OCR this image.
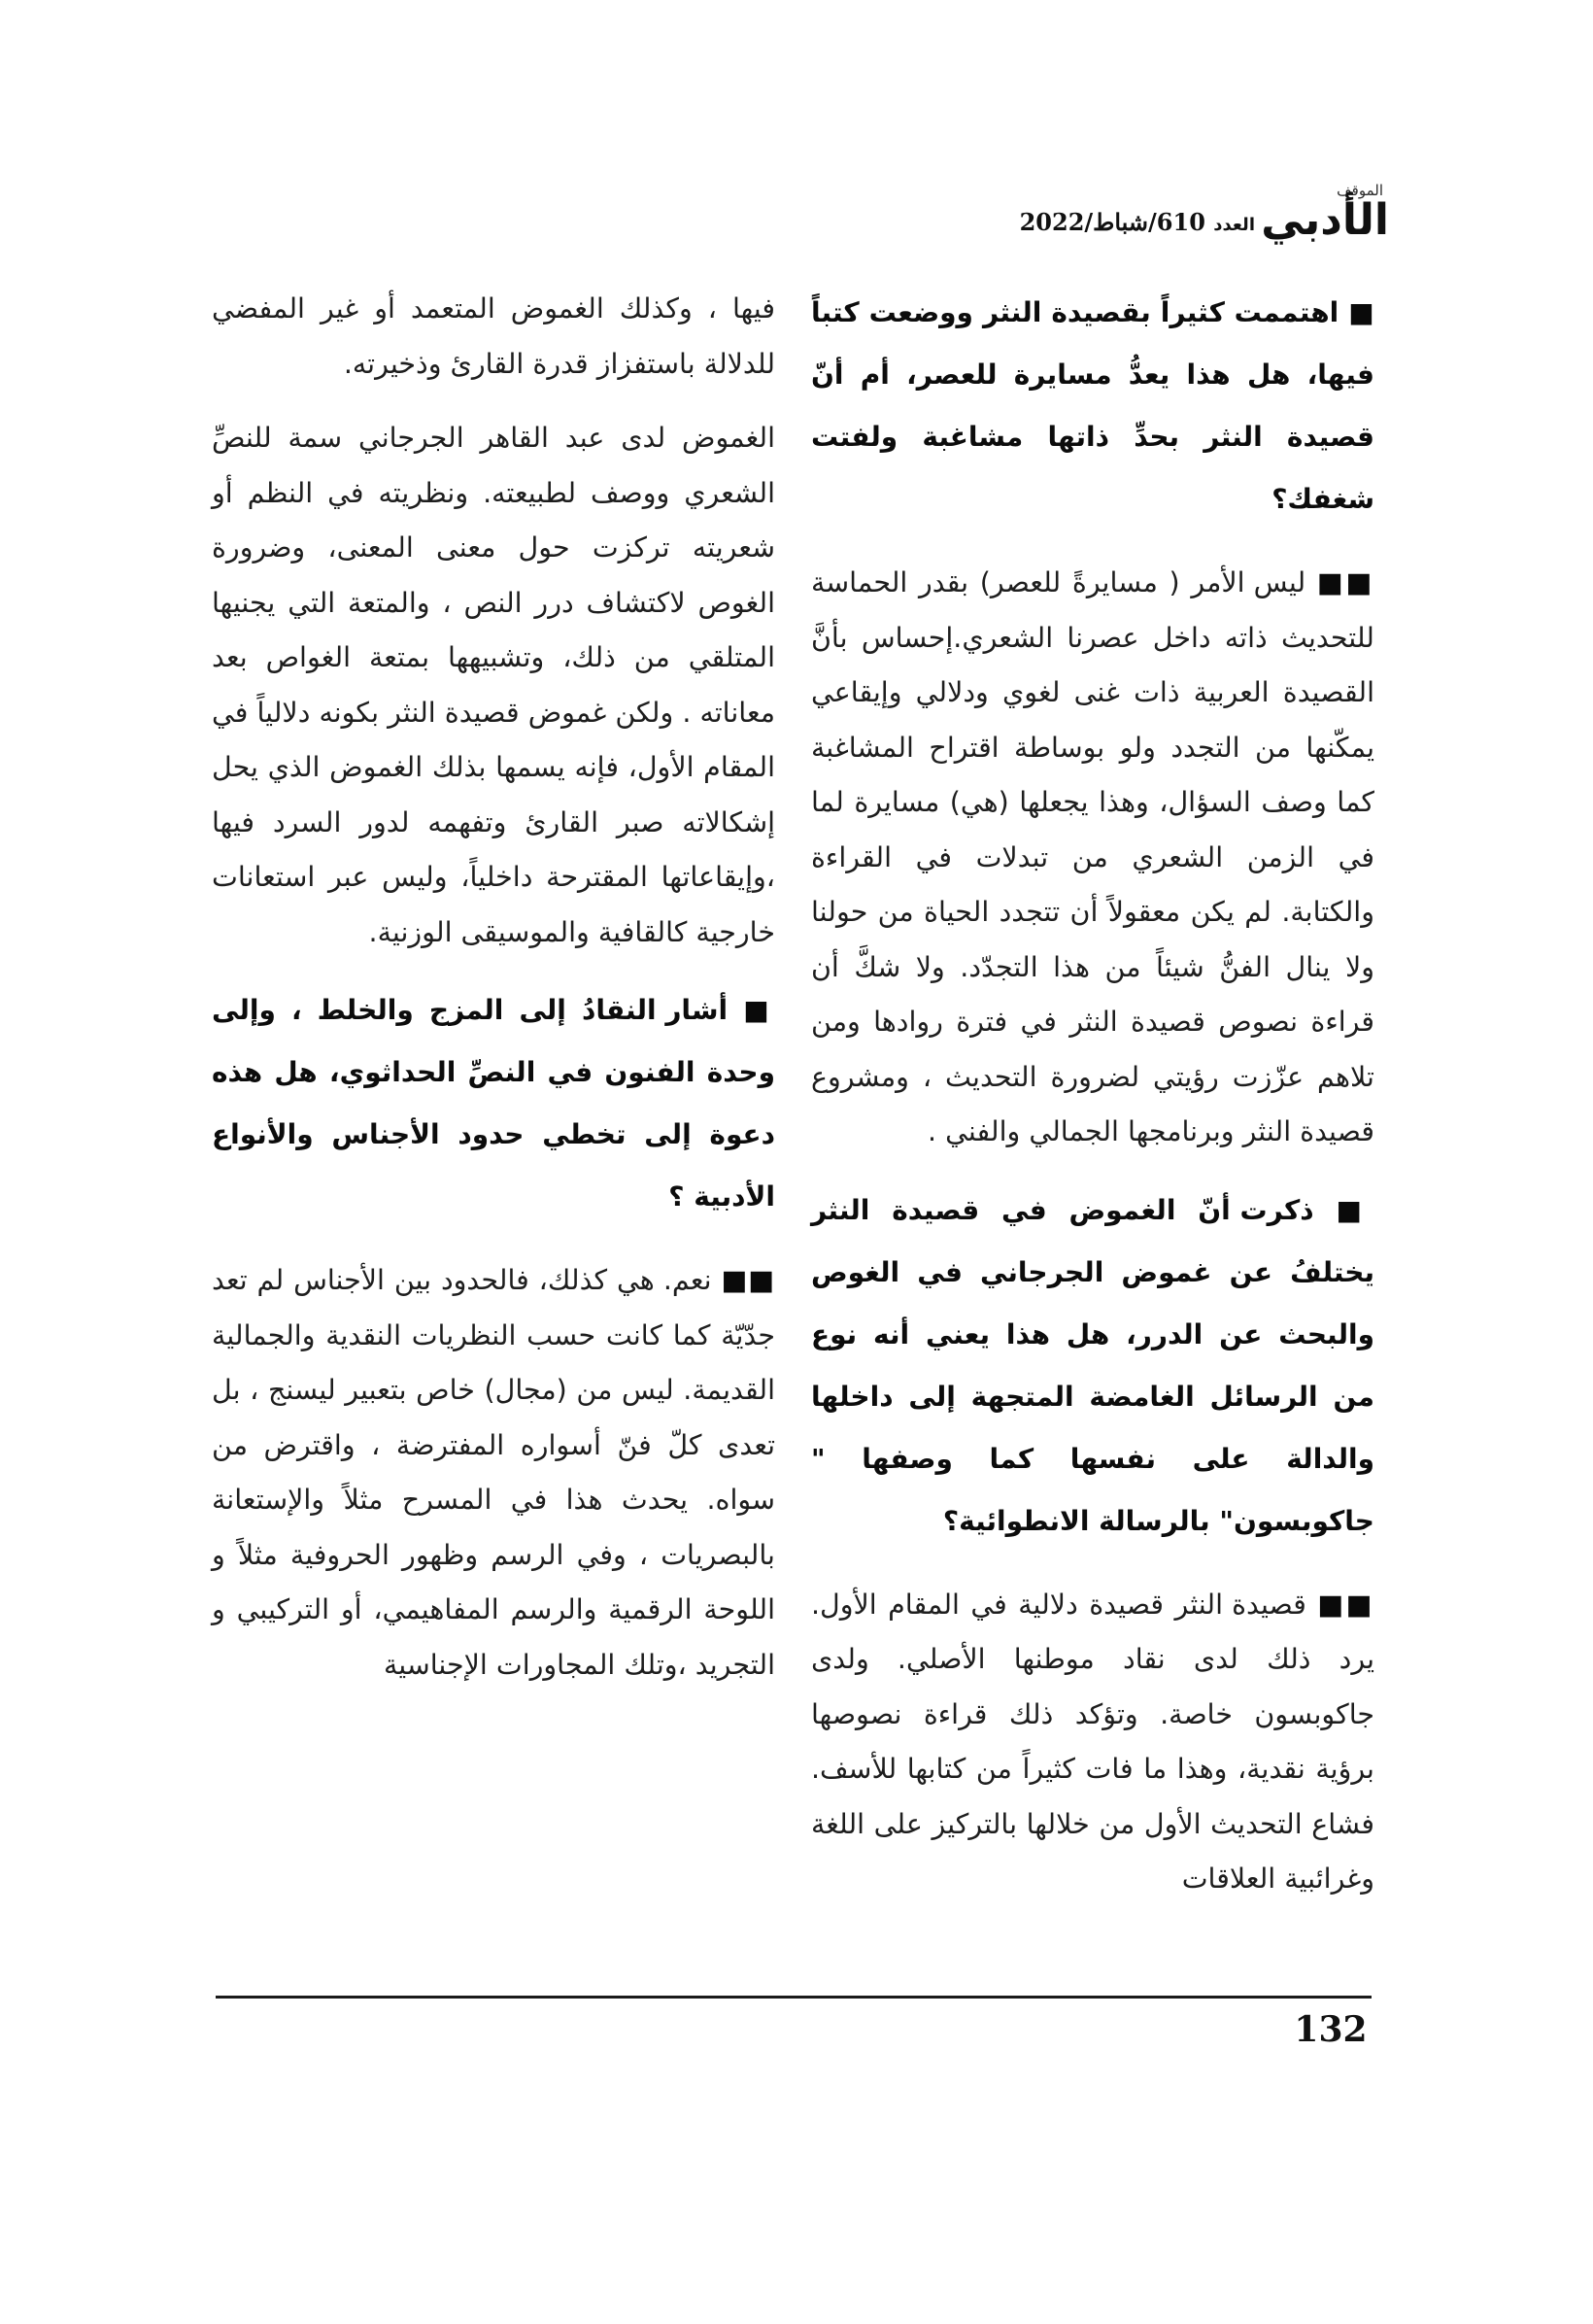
الموقف
الأدبي
العدد 610/شباط/2022

■ اهتممت كثيراً بقصيدة النثر ووضعت كتباً فيها، هل هذا يعدُّ مسايرة للعصر، أم أنّ قصيدة النثر بحدِّ ذاتها مشاغبة ولفتت شغفك؟

■■ ليس الأمر ( مسايرةً للعصر) بقدر الحماسة للتحديث ذاته داخل عصرنا الشعري.إحساس بأنَّ القصيدة العربية ذات غنى لغوي ودلالي وإيقاعي يمكّنها من التجدد ولو بوساطة اقتراح المشاغبة كما وصف السؤال، وهذا يجعلها (هي) مسايرة لما في الزمن الشعري من تبدلات في القراءة والكتابة. لم يكن معقولاً أن تتجدد الحياة من حولنا ولا ينال الفنُّ شيئاً من هذا التجدّد. ولا شكَّ أن قراءة نصوص قصيدة النثر في فترة روادها ومن تلاهم عزّزت رؤيتي لضرورة التحديث ، ومشروع قصيدة النثر وبرنامجها الجمالي والفني .

■ ذكرت أنّ الغموض في قصيدة النثر يختلفُ عن غموض الجرجاني في الغوص والبحث عن الدرر، هل هذا يعني أنه نوع من الرسائل الغامضة المتجهة إلى داخلها والدالة على نفسها كما وصفها " جاكوبسون" بالرسالة الانطوائية؟

■■ قصيدة النثر قصيدة دلالية في المقام الأول. يرد ذلك لدى نقاد موطنها الأصلي. ولدى جاكوبسون خاصة. وتؤكد ذلك قراءة نصوصها برؤية نقدية، وهذا ما فات كثيراً من كتابها للأسف. فشاع التحديث الأول من خلالها بالتركيز على اللغة وغرائبية العلاقات

فيها ، وكذلك الغموض المتعمد أو غير المفضي للدلالة باستفزاز قدرة القارئ وذخيرته.

الغموض لدى عبد القاهر الجرجاني سمة للنصِّ الشعري ووصف لطبيعته. ونظريته في النظم أو شعريته تركزت حول معنى المعنى، وضرورة الغوص لاكتشاف درر النص ، والمتعة التي يجنيها المتلقي من ذلك، وتشبيهها بمتعة الغواص بعد معاناته . ولكن غموض قصيدة النثر بكونه دلالياً في المقام الأول، فإنه يسمها بذلك الغموض الذي يحل إشكالاته صبر القارئ وتفهمه لدور السرد فيها ،وإيقاعاتها المقترحة داخلياً، وليس عبر استعانات خارجية كالقافية والموسيقى الوزنية.

■ أشار النقادُ إلى المزج والخلط ، وإلى وحدة الفنون في النصِّ الحداثوي، هل هذه دعوة إلى تخطي حدود الأجناس والأنواع الأدبية ؟

■■ نعم. هي كذلك، فالحدود بين الأجناس لم تعد جدّيّة كما كانت حسب النظريات النقدية والجمالية القديمة. ليس من (مجال) خاص بتعبير ليسنج ، بل تعدى كلّ فنّ أسواره المفترضة ، واقترض من سواه. يحدث هذا في المسرح مثلاً والإستعانة بالبصريات ، وفي الرسم وظهور الحروفية مثلاً و اللوحة الرقمية والرسم المفاهيمي، أو التركيبي و التجريد ،وتلك المجاورات الإجناسية

132
